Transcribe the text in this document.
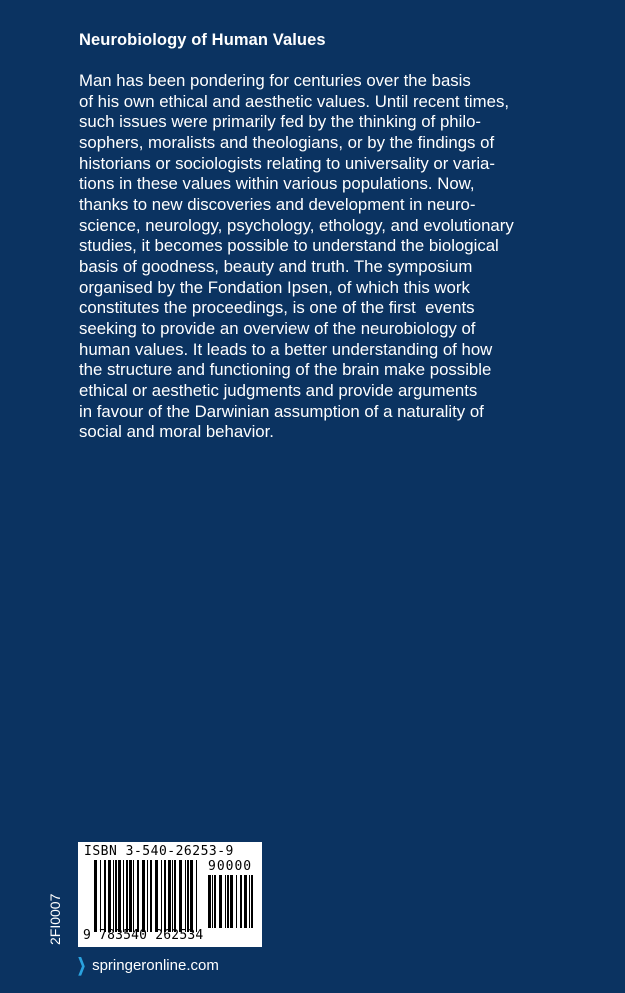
Neurobiology of Human Values
Man has been pondering for centuries over the basis
of his own ethical and aesthetic values. Until recent times,
such issues were primarily fed by the thinking of philo-
sophers, moralists and theologians, or by the findings of
historians or sociologists relating to universality or varia-
tions in these values within various populations. Now,
thanks to new discoveries and development in neuro-
science, neurology, psychology, ethology, and evolutionary
studies, it becomes possible to understand the biological
basis of goodness, beauty and truth. The symposium
organised by the Fondation Ipsen, of which this work
constitutes the proceedings, is one of the first  events
seeking to provide an overview of the neurobiology of
human values. It leads to a better understanding of how
the structure and functioning of the brain make possible
ethical or aesthetic judgments and provide arguments
in favour of the Darwinian assumption of a naturality of
social and moral behavior.
ISBN 3-540-26253-9
90000
9 783540 262534
2FI0007
❯ springeronline.com
